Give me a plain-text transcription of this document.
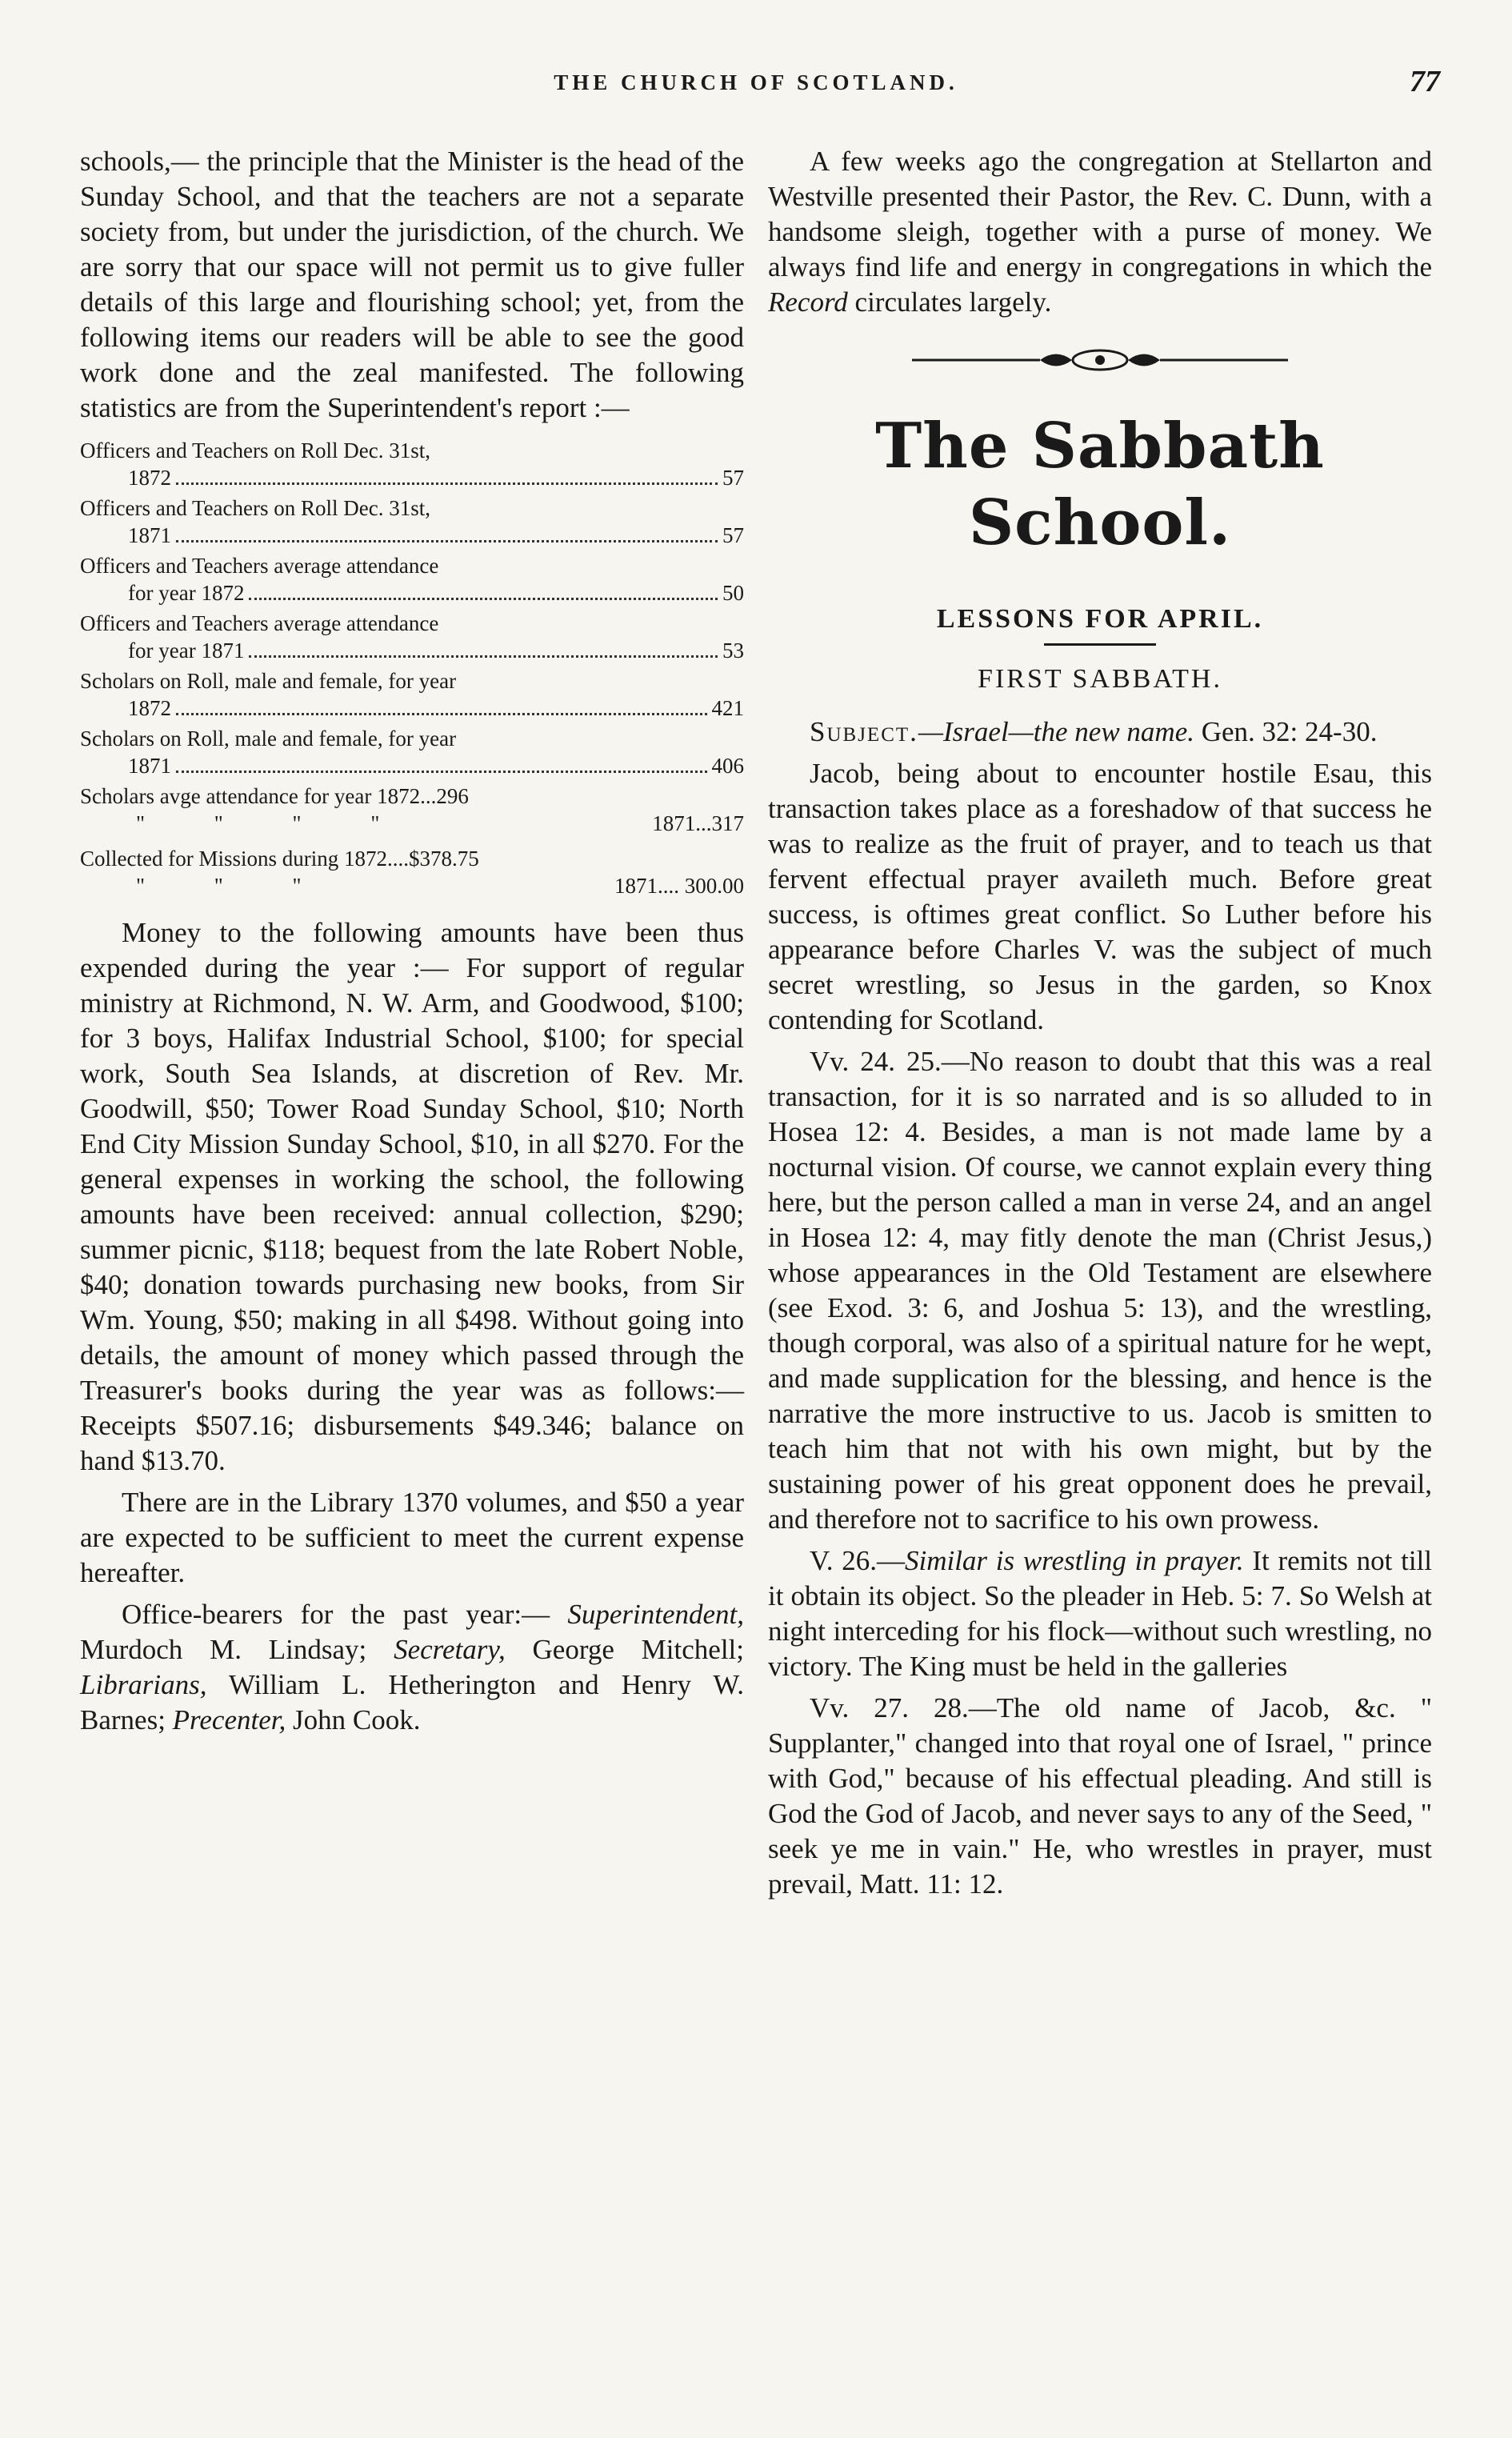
THE CHURCH OF SCOTLAND.	77

schools,— the principle that the Minister is the head of the Sunday School, and that the teachers are not a separate society from, but under the jurisdiction, of the church. We are sorry that our space will not permit us to give fuller details of this large and flourishing school; yet, from the following items our readers will be able to see the good work done and the zeal manifested. The following statistics are from the Superintendent's report :—

Officers and Teachers on Roll Dec. 31st,
1872	57
Officers and Teachers on Roll Dec. 31st,
1871	57
Officers and Teachers average attendance
for year 1872	50
Officers and Teachers average attendance
for year 1871	53
Scholars on Roll, male and female, for year
1872	421
Scholars on Roll, male and female, for year
1871	406
Scholars avge attendance for year 1872...296
" " " "	1871...317
Collected for Missions during 1872....$378.75
" " "	1871.... 300.00

Money to the following amounts have been thus expended during the year :— For support of regular ministry at Richmond, N. W. Arm, and Goodwood, $100; for 3 boys, Halifax Industrial School, $100; for special work, South Sea Islands, at discretion of Rev. Mr. Goodwill, $50; Tower Road Sunday School, $10; North End City Mission Sunday School, $10, in all $270. For the general expenses in working the school, the following amounts have been received: annual collection, $290; summer picnic, $118; bequest from the late Robert Noble, $40; donation towards purchasing new books, from Sir Wm. Young, $50; making in all $498. Without going into details, the amount of money which passed through the Treasurer's books during the year was as follows:—Receipts $507.16; disbursements $49.346; balance on hand $13.70.

There are in the Library 1370 volumes, and $50 a year are expected to be sufficient to meet the current expense hereafter.

Office-bearers for the past year:— Superintendent, Murdoch M. Lindsay; Secretary, George Mitchell; Librarians, William L. Hetherington and Henry W. Barnes; Precenter, John Cook.

A few weeks ago the congregation at Stellarton and Westville presented their Pastor, the Rev. C. Dunn, with a handsome sleigh, together with a purse of money. We always find life and energy in congregations in which the Record circulates largely.

The Sabbath School.
LESSONS FOR APRIL.
FIRST SABBATH.

Subject.—Israel—the new name. Gen. 32: 24-30.

Jacob, being about to encounter hostile Esau, this transaction takes place as a foreshadow of that success he was to realize as the fruit of prayer, and to teach us that fervent effectual prayer availeth much. Before great success, is oftimes great conflict. So Luther before his appearance before Charles V. was the subject of much secret wrestling, so Jesus in the garden, so Knox contending for Scotland.

Vv. 24. 25.—No reason to doubt that this was a real transaction, for it is so narrated and is so alluded to in Hosea 12: 4. Besides, a man is not made lame by a nocturnal vision. Of course, we cannot explain every thing here, but the person called a man in verse 24, and an angel in Hosea 12: 4, may fitly denote the man (Christ Jesus,) whose appearances in the Old Testament are elsewhere (see Exod. 3: 6, and Joshua 5: 13), and the wrestling, though corporal, was also of a spiritual nature for he wept, and made supplication for the blessing, and hence is the narrative the more instructive to us. Jacob is smitten to teach him that not with his own might, but by the sustaining power of his great opponent does he prevail, and therefore not to sacrifice to his own prowess.

V. 26.—Similar is wrestling in prayer. It remits not till it obtain its object. So the pleader in Heb. 5: 7. So Welsh at night interceding for his flock—without such wrestling, no victory. The King must be held in the galleries

Vv. 27. 28.—The old name of Jacob, &c. " Supplanter," changed into that royal one of Israel, " prince with God," because of his effectual pleading. And still is God the God of Jacob, and never says to any of the Seed, " seek ye me in vain." He, who wrestles in prayer, must prevail, Matt. 11: 12.
